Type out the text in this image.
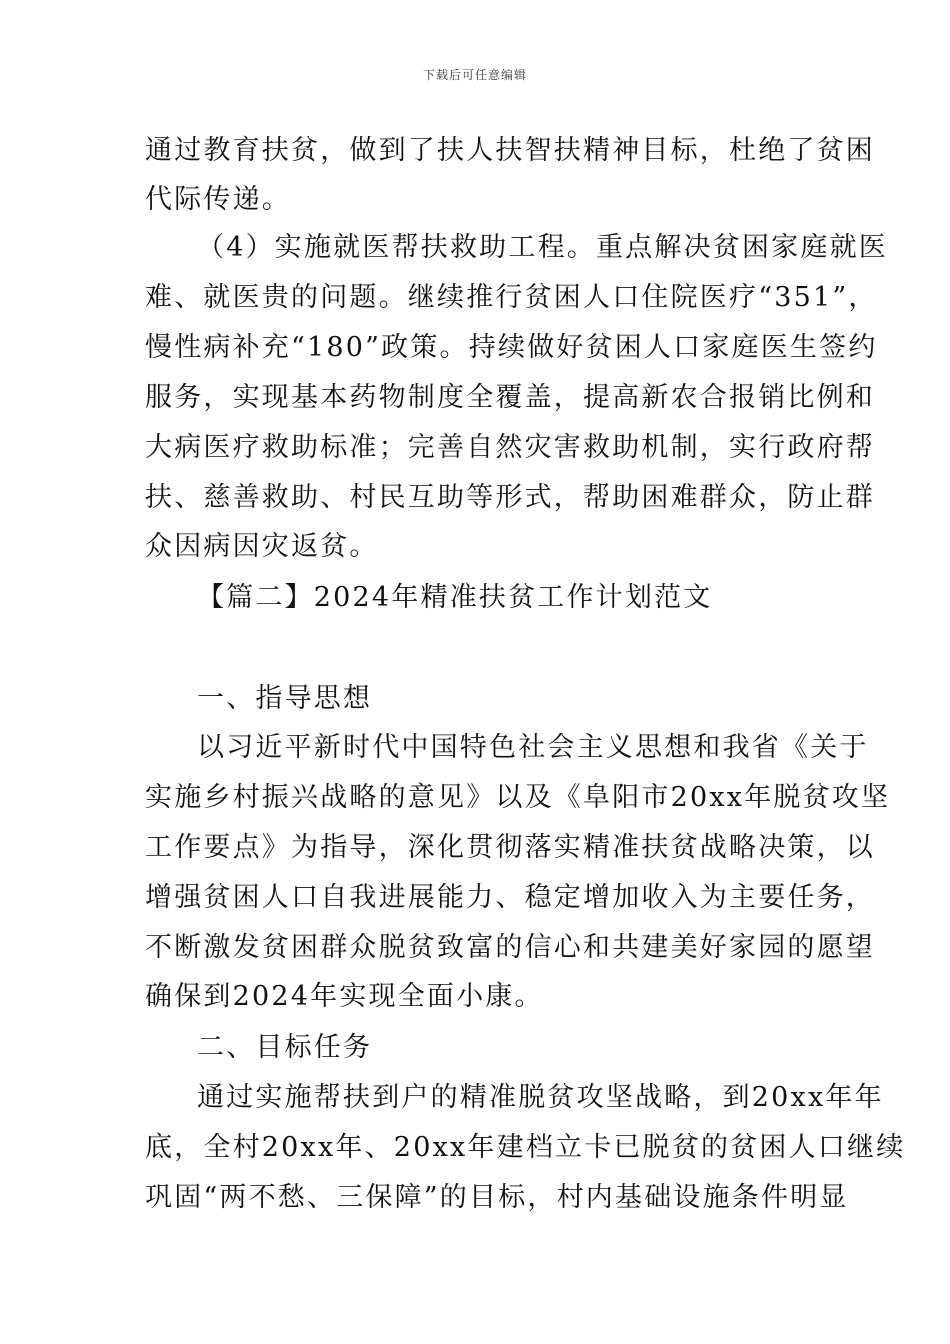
下载后可任意编辑
通过教育扶贫，做到了扶人扶智扶精神目标，杜绝了贫困
代际传递。
（4）实施就医帮扶救助工程。重点解决贫困家庭就医
难、就医贵的问题。继续推行贫困人口住院医疗“351”，
慢性病补充“180”政策。持续做好贫困人口家庭医生签约
服务，实现基本药物制度全覆盖，提高新农合报销比例和
大病医疗救助标准；完善自然灾害救助机制，实行政府帮
扶、慈善救助、村民互助等形式，帮助困难群众，防止群
众因病因灾返贫。
【篇二】2024年精准扶贫工作计划范文
一、指导思想
以习近平新时代中国特色社会主义思想和我省《关于
实施乡村振兴战略的意见》以及《阜阳市20xx年脱贫攻坚
工作要点》为指导，深化贯彻落实精准扶贫战略决策，以
增强贫困人口自我进展能力、稳定增加收入为主要任务，
不断激发贫困群众脱贫致富的信心和共建美好家园的愿望
确保到2024年实现全面小康。
二、目标任务
通过实施帮扶到户的精准脱贫攻坚战略，到20xx年年
底，全村20xx年、20xx年建档立卡已脱贫的贫困人口继续
巩固“两不愁、三保障”的目标，村内基础设施条件明显
